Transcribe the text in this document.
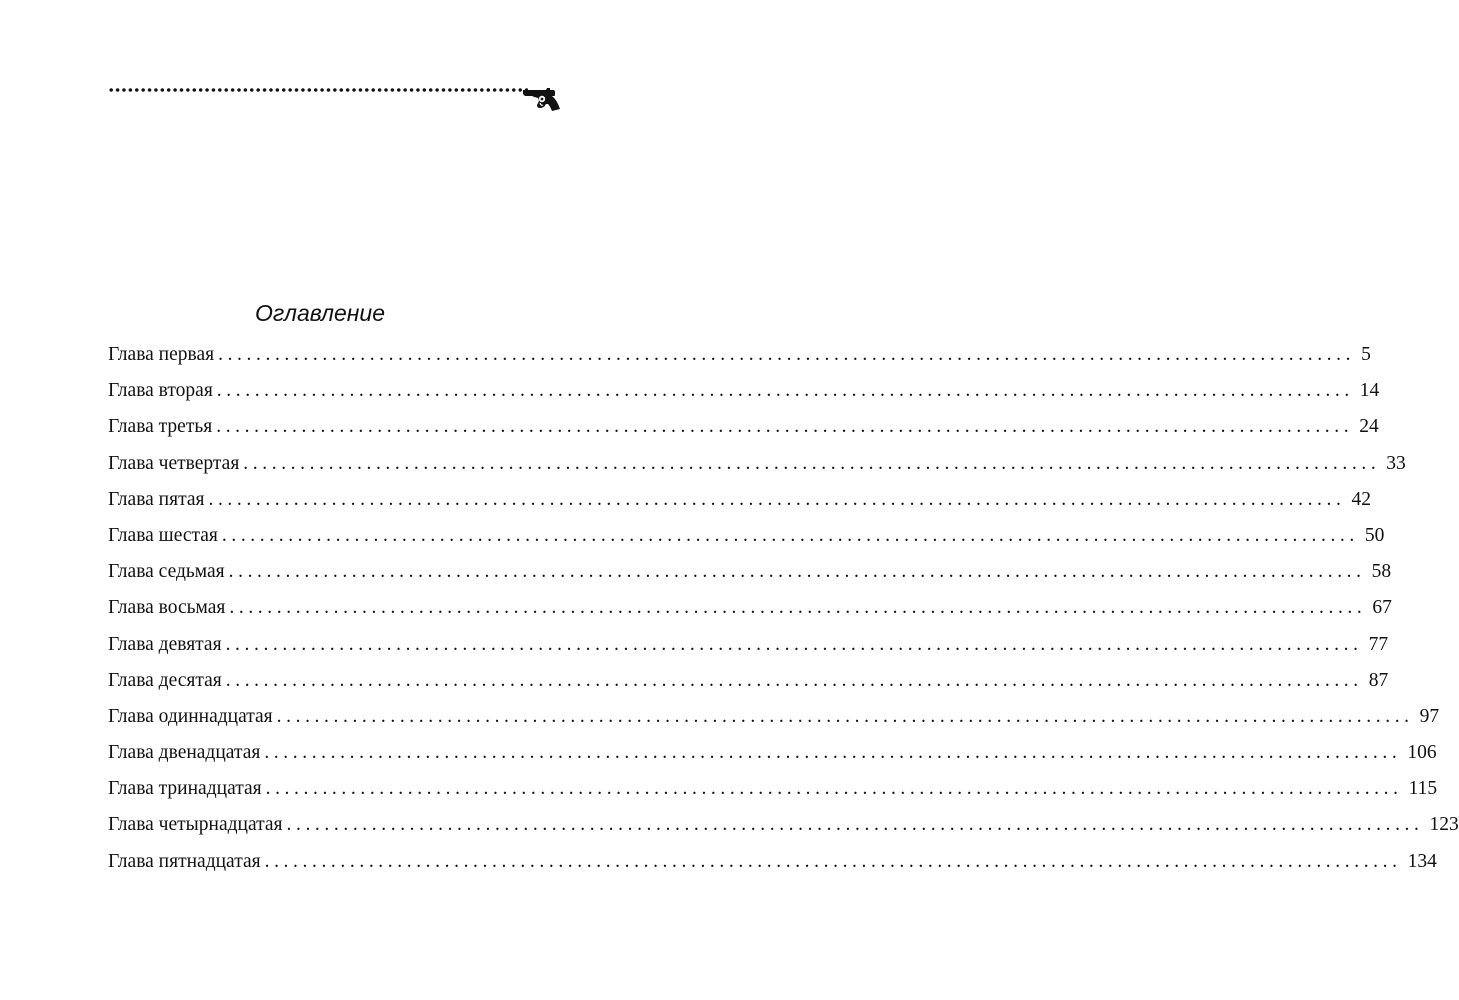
Оглавление
Глава первая ........................................................................................................................ 5
Глава вторая ........................................................................................................................ 14
Глава третья ........................................................................................................................ 24
Глава четвертая ........................................................................................................................ 33
Глава пятая ........................................................................................................................ 42
Глава шестая ........................................................................................................................ 50
Глава седьмая ........................................................................................................................ 58
Глава восьмая ........................................................................................................................ 67
Глава девятая ........................................................................................................................ 77
Глава десятая ........................................................................................................................ 87
Глава одиннадцатая ........................................................................................................................ 97
Глава двенадцатая ........................................................................................................................ 106
Глава тринадцатая ........................................................................................................................ 115
Глава четырнадцатая ........................................................................................................................ 123
Глава пятнадцатая ........................................................................................................................ 134
